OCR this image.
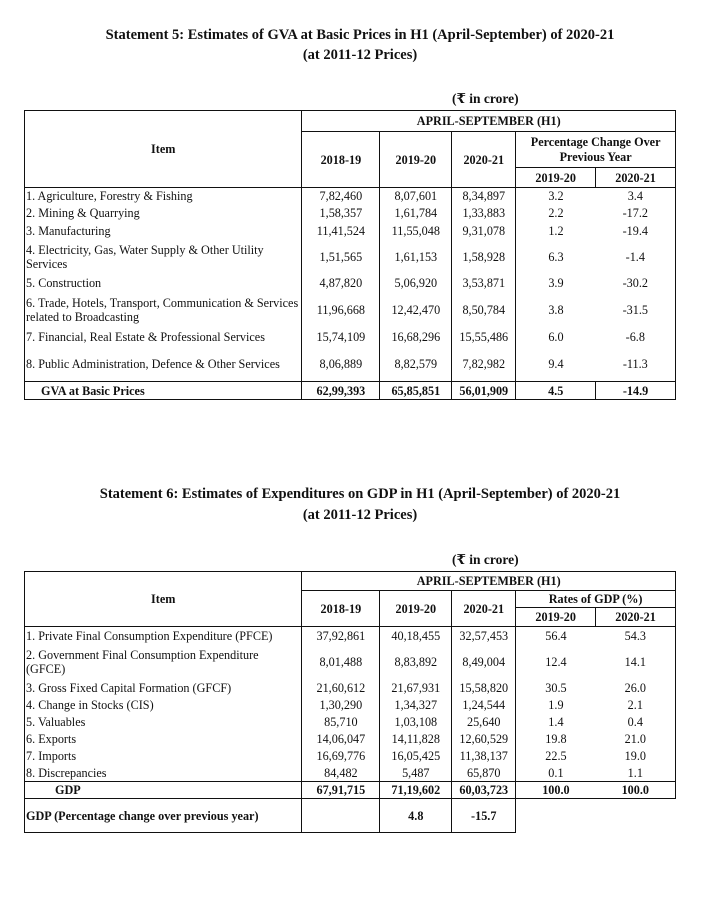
Statement 5: Estimates of GVA at Basic Prices in H1 (April-September) of 2020-21
(at 2011-12 Prices)
(₹ in crore)
Item	APRIL-SEPTEMBER (H1)				
	2018-19	2019-20	2020-21	Percentage Change Over Previous Year	
				2019-20	2020-21
1. Agriculture, Forestry & Fishing	7,82,460	8,07,601	8,34,897	3.2	3.4
2. Mining & Quarrying	1,58,357	1,61,784	1,33,883	2.2	-17.2
3. Manufacturing	11,41,524	11,55,048	9,31,078	1.2	-19.4
4. Electricity, Gas, Water Supply & Other Utility Services	1,51,565	1,61,153	1,58,928	6.3	-1.4
5. Construction	4,87,820	5,06,920	3,53,871	3.9	-30.2
6. Trade, Hotels, Transport, Communication & Services related to Broadcasting	11,96,668	12,42,470	8,50,784	3.8	-31.5
7. Financial, Real Estate & Professional Services	15,74,109	16,68,296	15,55,486	6.0	-6.8
8. Public Administration, Defence & Other Services	8,06,889	8,82,579	7,82,982	9.4	-11.3
GVA at Basic Prices	62,99,393	65,85,851	56,01,909	4.5	-14.9
Statement 6: Estimates of Expenditures on GDP in H1 (April-September) of 2020-21
(at 2011-12 Prices)
(₹ in crore)
Item	APRIL-SEPTEMBER (H1)				
	2018-19	2019-20	2020-21	Rates of GDP (%)	
				2019-20	2020-21
1. Private Final Consumption Expenditure (PFCE)	37,92,861	40,18,455	32,57,453	56.4	54.3
2. Government Final Consumption Expenditure (GFCE)	8,01,488	8,83,892	8,49,004	12.4	14.1
3. Gross Fixed Capital Formation (GFCF)	21,60,612	21,67,931	15,58,820	30.5	26.0
4. Change in Stocks (CIS)	1,30,290	1,34,327	1,24,544	1.9	2.1
5. Valuables	85,710	1,03,108	25,640	1.4	0.4
6. Exports	14,06,047	14,11,828	12,60,529	19.8	21.0
7. Imports	16,69,776	16,05,425	11,38,137	22.5	19.0
8. Discrepancies	84,482	5,487	65,870	0.1	1.1
GDP	67,91,715	71,19,602	60,03,723	100.0	100.0
GDP (Percentage change over previous year)		4.8	-15.7		
